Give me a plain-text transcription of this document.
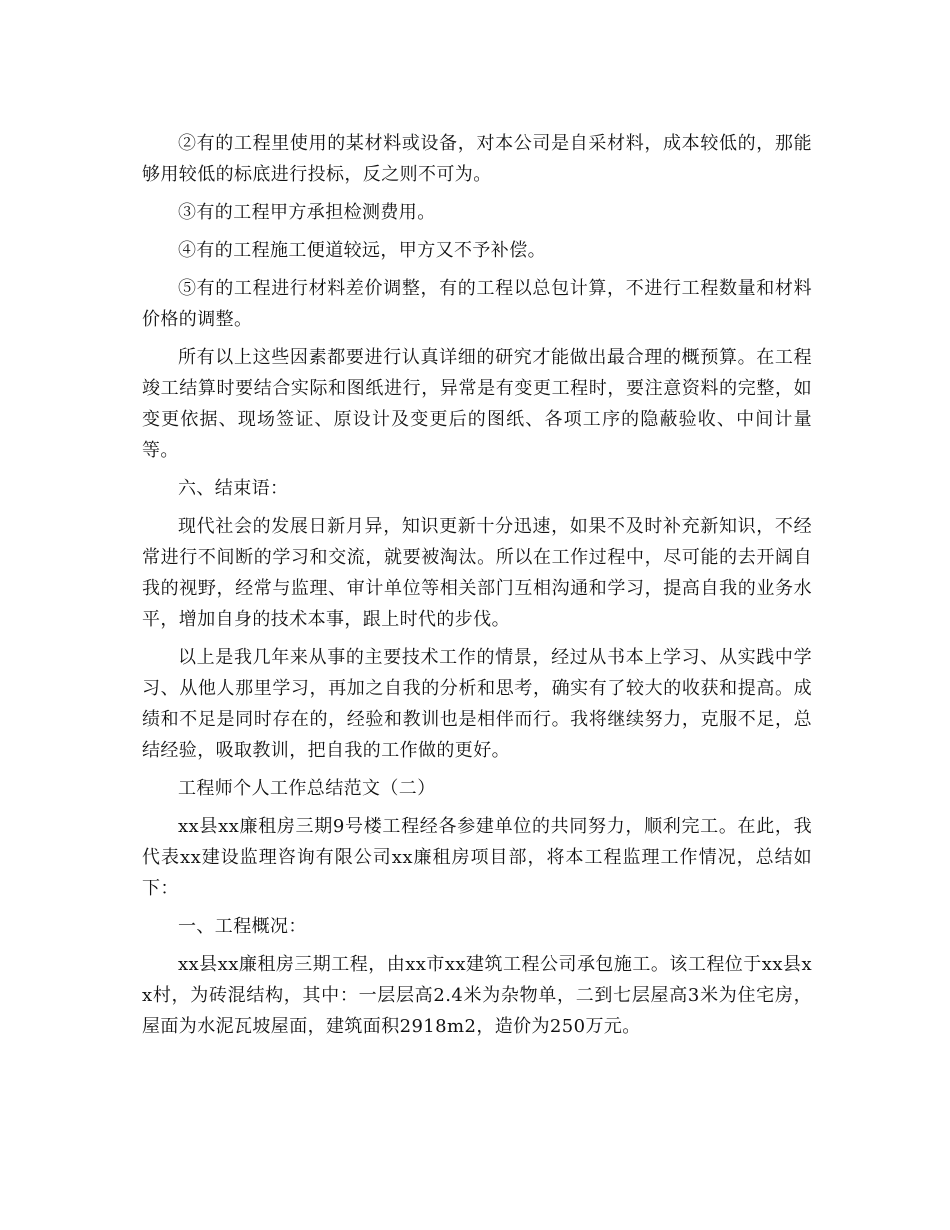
②有的工程里使用的某材料或设备，对本公司是自采材料，成本较低的，那能够用较低的标底进行投标，反之则不可为。

③有的工程甲方承担检测费用。

④有的工程施工便道较远，甲方又不予补偿。

⑤有的工程进行材料差价调整，有的工程以总包计算，不进行工程数量和材料价格的调整。

所有以上这些因素都要进行认真详细的研究才能做出最合理的概预算。在工程竣工结算时要结合实际和图纸进行，异常是有变更工程时，要注意资料的完整，如变更依据、现场签证、原设计及变更后的图纸、各项工序的隐蔽验收、中间计量等。

六、结束语：

现代社会的发展日新月异，知识更新十分迅速，如果不及时补充新知识，不经常进行不间断的学习和交流，就要被淘汰。所以在工作过程中，尽可能的去开阔自我的视野，经常与监理、审计单位等相关部门互相沟通和学习，提高自我的业务水平，增加自身的技术本事，跟上时代的步伐。

以上是我几年来从事的主要技术工作的情景，经过从书本上学习、从实践中学习、从他人那里学习，再加之自我的分析和思考，确实有了较大的收获和提高。成绩和不足是同时存在的，经验和教训也是相伴而行。我将继续努力，克服不足，总结经验，吸取教训，把自我的工作做的更好。

工程师个人工作总结范文（二）

xx县xx廉租房三期9号楼工程经各参建单位的共同努力，顺利完工。在此，我代表xx建设监理咨询有限公司xx廉租房项目部，将本工程监理工作情况，总结如下：

一、工程概况：

xx县xx廉租房三期工程，由xx市xx建筑工程公司承包施工。该工程位于xx县xx村，为砖混结构，其中：一层层高2.4米为杂物单，二到七层屋高3米为住宅房，屋面为水泥瓦坡屋面，建筑面积2918m2，造价为250万元。
